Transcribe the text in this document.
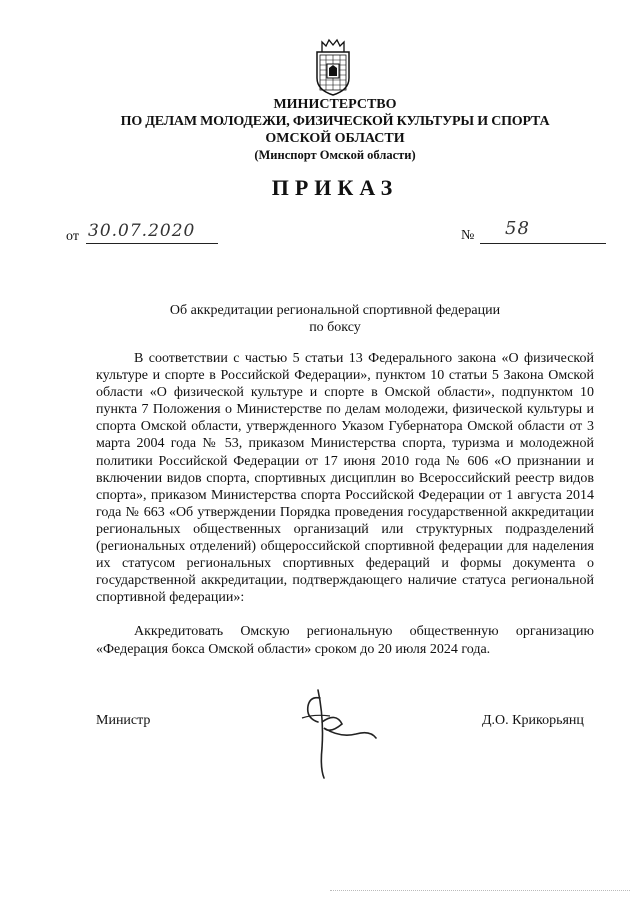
МИНИСТЕРСТВО
ПО ДЕЛАМ МОЛОДЕЖИ, ФИЗИЧЕСКОЙ КУЛЬТУРЫ И СПОРТА
ОМСКОЙ ОБЛАСТИ
(Минспорт Омской области)
ПРИКАЗ
от 30.07.2020	№ 58
Об аккредитации региональной спортивной федерации
по боксу

В соответствии с частью 5 статьи 13 Федерального закона «О физической культуре и спорте в Российской Федерации», пунктом 10 статьи 5 Закона Омской области «О физической культуре и спорте в Омской области», подпунктом 10 пункта 7 Положения о Министерстве по делам молодежи, физической культуры и спорта Омской области, утвержденного Указом Губернатора Омской области от 3 марта 2004 года № 53, приказом Министерства спорта, туризма и молодежной политики Российской Федерации от 17 июня 2010 года № 606 «О признании и включении видов спорта, спортивных дисциплин во Всероссийский реестр видов спорта», приказом Министерства спорта Российской Федерации от 1 августа 2014 года № 663 «Об утверждении Порядка проведения государственной аккредитации региональных общественных организаций или структурных подразделений (региональных отделений) общероссийской спортивной федерации для наделения их статусом региональных спортивных федераций и формы документа о государственной аккредитации, подтверждающего наличие статуса региональной спортивной федерации»:

Аккредитовать Омскую региональную общественную организацию «Федерация бокса Омской области» сроком до 20 июля 2024 года.

Министр	Д.О. Крикорьянц
